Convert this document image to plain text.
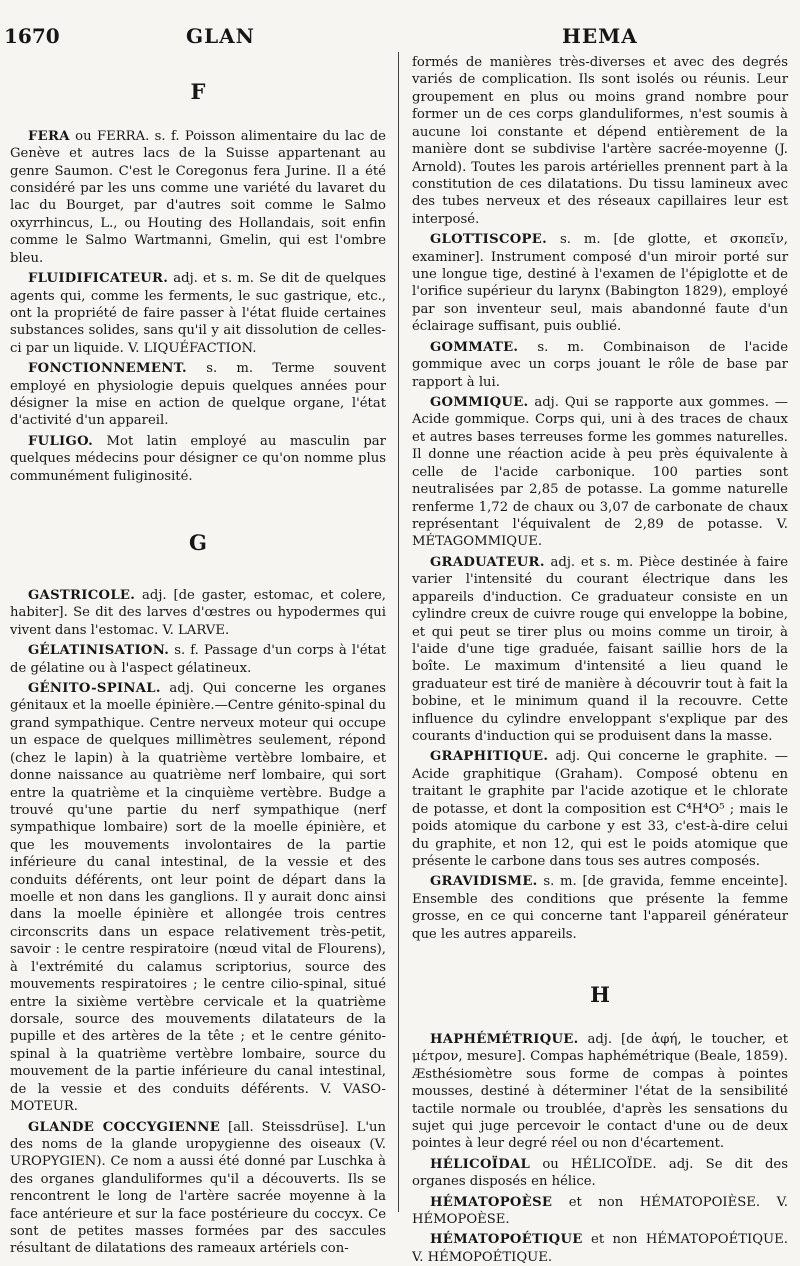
1670	GLAN	HEMA
F

FERA ou FERRA. s. f. Poisson alimentaire du lac de Genève et autres lacs de la Suisse appartenant au genre Saumon. C'est le Coregonus fera Jurine. Il a été considéré par les uns comme une variété du lavaret du lac du Bourget, par d'autres soit comme le Salmo oxyrrhincus, L., ou Houting des Hollandais, soit enfin comme le Salmo Wartmanni, Gmelin, qui est l'ombre bleu.

FLUIDIFICATEUR. adj. et s. m. Se dit de quelques agents qui, comme les ferments, le suc gastrique, etc., ont la propriété de faire passer à l'état fluide certaines substances solides, sans qu'il y ait dissolution de celles-ci par un liquide. V. LIQUÉFACTION.

FONCTIONNEMENT. s. m. Terme souvent employé en physiologie depuis quelques années pour désigner la mise en action de quelque organe, l'état d'activité d'un appareil.

FULIGO. Mot latin employé au masculin par quelques médecins pour désigner ce qu'on nomme plus communément fuliginosité.

G

GASTRICOLE. adj. [de gaster, estomac, et colere, habiter]. Se dit des larves d'œstres ou hypodermes qui vivent dans l'estomac. V. LARVE.

GÉLATINISATION. s. f. Passage d'un corps à l'état de gélatine ou à l'aspect gélatineux.

GÉNITO-SPINAL. adj. Qui concerne les organes génitaux et la moelle épinière.—Centre génito-spinal du grand sympathique. Centre nerveux moteur qui occupe un espace de quelques millimètres seulement, répond (chez le lapin) à la quatrième vertèbre lombaire, et donne naissance au quatrième nerf lombaire, qui sort entre la quatrième et la cinquième vertèbre. Budge a trouvé qu'une partie du nerf sympathique (nerf sympathique lombaire) sort de la moelle épinière, et que les mouvements involontaires de la partie inférieure du canal intestinal, de la vessie et des conduits déférents, ont leur point de départ dans la moelle et non dans les ganglions. Il y aurait donc ainsi dans la moelle épinière et allongée trois centres circonscrits dans un espace relativement très-petit, savoir : le centre respiratoire (nœud vital de Flourens), à l'extrémité du calamus scriptorius, source des mouvements respiratoires ; le centre cilio-spinal, situé entre la sixième vertèbre cervicale et la quatrième dorsale, source des mouvements dilatateurs de la pupille et des artères de la tête ; et le centre génito-spinal à la quatrième vertèbre lombaire, source du mouvement de la partie inférieure du canal intestinal, de la vessie et des conduits déférents. V. VASO-MOTEUR.

GLANDE COCCYGIENNE [all. Steissdrüse]. L'un des noms de la glande uropygienne des oiseaux (V. UROPYGIEN). Ce nom a aussi été donné par Luschka à des organes glanduliformes qu'il a découverts. Ils se rencontrent le long de l'artère sacrée moyenne à la face antérieure et sur la face postérieure du coccyx. Ce sont de petites masses formées par des saccules résultant de dilatations des rameaux artériels con-

formés de manières très-diverses et avec des degrés variés de complication. Ils sont isolés ou réunis. Leur groupement en plus ou moins grand nombre pour former un de ces corps glanduliformes, n'est soumis à aucune loi constante et dépend entièrement de la manière dont se subdivise l'artère sacrée-moyenne (J. Arnold). Toutes les parois artérielles prennent part à la constitution de ces dilatations. Du tissu lamineux avec des tubes nerveux et des réseaux capillaires leur est interposé.

GLOTTISCOPE. s. m. [de glotte, et σκοπεῖν, examiner]. Instrument composé d'un miroir porté sur une longue tige, destiné à l'examen de l'épiglotte et de l'orifice supérieur du larynx (Babington 1829), employé par son inventeur seul, mais abandonné faute d'un éclairage suffisant, puis oublié.

GOMMATE. s. m. Combinaison de l'acide gommique avec un corps jouant le rôle de base par rapport à lui.

GOMMIQUE. adj. Qui se rapporte aux gommes. — Acide gommique. Corps qui, uni à des traces de chaux et autres bases terreuses forme les gommes naturelles. Il donne une réaction acide à peu près équivalente à celle de l'acide carbonique. 100 parties sont neutralisées par 2,85 de potasse. La gomme naturelle renferme 1,72 de chaux ou 3,07 de carbonate de chaux représentant l'équivalent de 2,89 de potasse. V. MÉTAGOMMIQUE.

GRADUATEUR. adj. et s. m. Pièce destinée à faire varier l'intensité du courant électrique dans les appareils d'induction. Ce graduateur consiste en un cylindre creux de cuivre rouge qui enveloppe la bobine, et qui peut se tirer plus ou moins comme un tiroir, à l'aide d'une tige graduée, faisant saillie hors de la boîte. Le maximum d'intensité a lieu quand le graduateur est tiré de manière à découvrir tout à fait la bobine, et le minimum quand il la recouvre. Cette influence du cylindre enveloppant s'explique par des courants d'induction qui se produisent dans la masse.

GRAPHITIQUE. adj. Qui concerne le graphite. — Acide graphitique (Graham). Composé obtenu en traitant le graphite par l'acide azotique et le chlorate de potasse, et dont la composition est C⁴H⁴O⁵ ; mais le poids atomique du carbone y est 33, c'est-à-dire celui du graphite, et non 12, qui est le poids atomique que présente le carbone dans tous ses autres composés.

GRAVIDISME. s. m. [de gravida, femme enceinte]. Ensemble des conditions que présente la femme grosse, en ce qui concerne tant l'appareil générateur que les autres appareils.

H

HAPHÉMÉTRIQUE. adj. [de ἁφή, le toucher, et μέτρον, mesure]. Compas haphémétrique (Beale, 1859). Æsthésiomètre sous forme de compas à pointes mousses, destiné à déterminer l'état de la sensibilité tactile normale ou troublée, d'après les sensations du sujet qui juge percevoir le contact d'une ou de deux pointes à leur degré réel ou non d'écartement.

HÉLICOÏDAL ou HÉLICOÏDE. adj. Se dit des organes disposés en hélice.

HÉMATOPOÈSE et non HÉMATOPOIÈSE. V. HÉMOPOÈSE.

HÉMATOPOÉTIQUE et non HÉMATOPOÉTIQUE. V. HÉMOPOÉTIQUE.
